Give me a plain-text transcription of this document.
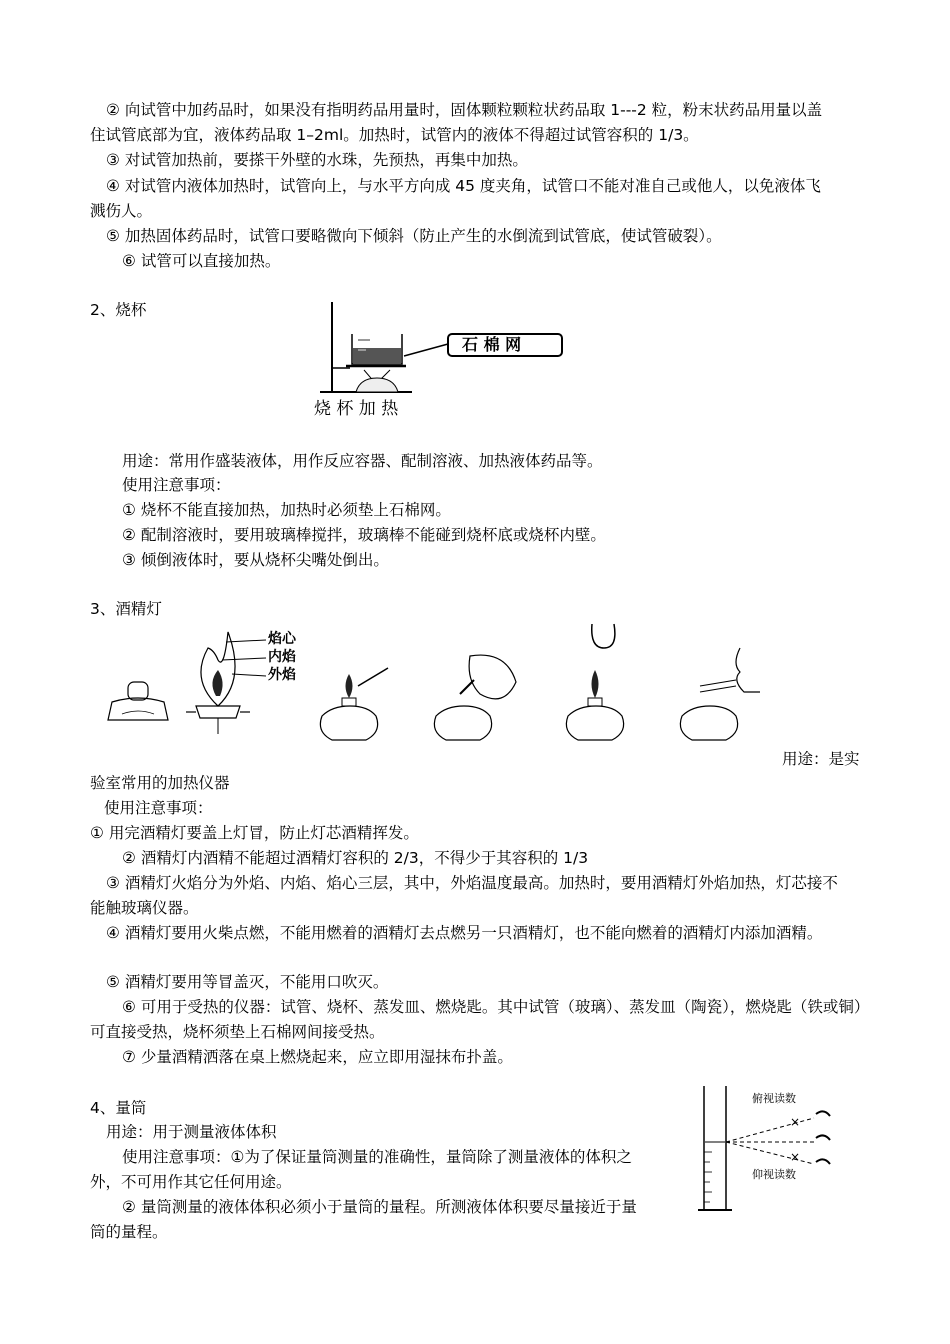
② 向试管中加药品时，如果没有指明药品用量时，固体颗粒颗粒状药品取 1---2 粒，粉末状药品用量以盖
住试管底部为宜，液体药品取 1–2ml。加热时，试管内的液体不得超过试管容积的 1/3。
③ 对试管加热前，要搽干外壁的水珠，先预热，再集中加热。
④ 对试管内液体加热时，试管向上，与水平方向成 45 度夹角，试管口不能对准自己或他人，以免液体飞
溅伤人。
⑤ 加热固体药品时，试管口要略微向下倾斜（防止产生的水倒流到试管底，使试管破裂）。
⑥ 试管可以直接加热。
2、烧杯
石 棉 网
烧 杯 加 热
用途：常用作盛装液体，用作反应容器、配制溶液、加热液体药品等。
使用注意事项：
① 烧杯不能直接加热，加热时必须垫上石棉网。
② 配制溶液时，要用玻璃棒搅拌，玻璃棒不能碰到烧杯底或烧杯内壁。
③ 倾倒液体时，要从烧杯尖嘴处倒出。
3、酒精灯
焰心
内焰
外焰
用途：是实
验室常用的加热仪器
使用注意事项：
① 用完酒精灯要盖上灯冒，防止灯芯酒精挥发。
② 酒精灯内酒精不能超过酒精灯容积的 2/3，不得少于其容积的 1/3
③ 酒精灯火焰分为外焰、内焰、焰心三层，其中，外焰温度最高。加热时，要用酒精灯外焰加热，灯芯接不
能触玻璃仪器。
④ 酒精灯要用火柴点燃，不能用燃着的酒精灯去点燃另一只酒精灯，也不能向燃着的酒精灯内添加酒精。
⑤ 酒精灯要用等冒盖灭，不能用口吹灭。
⑥ 可用于受热的仪器：试管、烧杯、蒸发皿、燃烧匙。其中试管（玻璃）、蒸发皿（陶瓷），燃烧匙（铁或铜）
可直接受热，烧杯须垫上石棉网间接受热。
⑦ 少量酒精洒落在桌上燃烧起来，应立即用湿抹布扑盖。
4、量筒
用途：用于测量液体体积
使用注意事项：①为了保证量筒测量的准确性，量筒除了测量液体的体积之
外，不可用作其它任何用途。
② 量筒测量的液体体积必须小于量筒的量程。所测液体体积要尽量接近于量
筒的量程。
×
×
俯视读数
仰视读数
